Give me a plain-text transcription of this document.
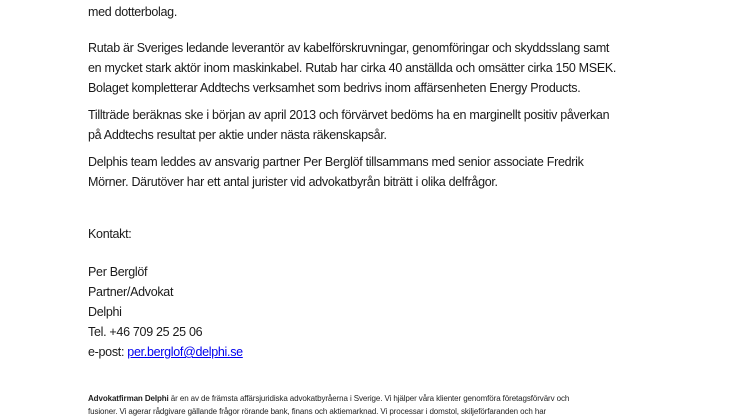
med dotterbolag.
Rutab är Sveriges ledande leverantör av kabelförskruvningar, genomföringar och skyddsslang samt
en mycket stark aktör inom maskinkabel. Rutab har cirka 40 anställda och omsätter cirka 150 MSEK.
Bolaget kompletterar Addtechs verksamhet som bedrivs inom affärsenheten Energy Products.
Tillträde beräknas ske i början av april 2013 och förvärvet bedöms ha en marginellt positiv påverkan
på Addtechs resultat per aktie under nästa räkenskapsår.
Delphis team leddes av ansvarig partner Per Berglöf tillsammans med senior associate Fredrik
Mörner. Därutöver har ett antal jurister vid advokatbyrån biträtt i olika delfrågor.
Kontakt:
Per Berglöf
Partner/Advokat
Delphi
Tel. +46 709 25 25 06
e-post: per.berglof@delphi.se
Advokatfirman Delphi är en av de främsta affärsjuridiska advokatbyråerna i Sverige. Vi hjälper våra klienter genomföra företagsförvärv och
fusioner. Vi agerar rådgivare gällande frågor rörande bank, finans och aktiemarknad. Vi processar i domstol, skiljeförfaranden och har
